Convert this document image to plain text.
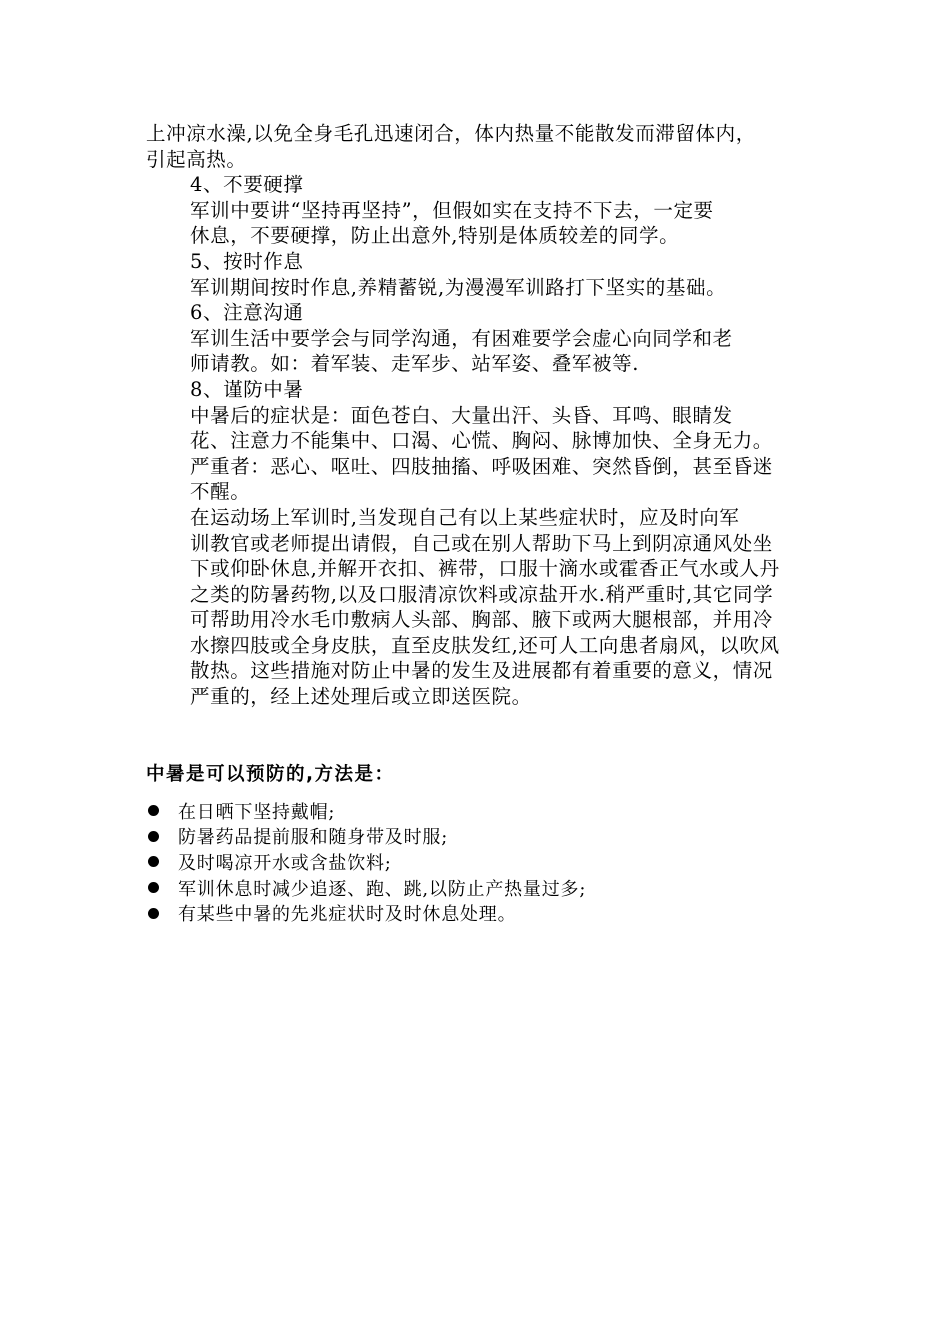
上冲凉水澡,以免全身毛孔迅速闭合，体内热量不能散发而滞留体内，
引起高热。
4、不要硬撑
军训中要讲“坚持再坚持”，但假如实在支持不下去，一定要
休息，不要硬撑，防止出意外,特别是体质较差的同学。
5、按时作息
军训期间按时作息,养精蓄锐,为漫漫军训路打下坚实的基础。
6、注意沟通
军训生活中要学会与同学沟通，有困难要学会虚心向同学和老
师请教。如：着军装、走军步、站军姿、叠军被等.
8、谨防中暑
中暑后的症状是：面色苍白、大量出汗、头昏、耳鸣、眼睛发
花、注意力不能集中、口渴、心慌、胸闷、脉博加快、全身无力。
严重者：恶心、呕吐、四肢抽搐、呼吸困难、突然昏倒，甚至昏迷
不醒。
在运动场上军训时,当发现自己有以上某些症状时，应及时向军
训教官或老师提出请假，自己或在别人帮助下马上到阴凉通风处坐
下或仰卧休息,并解开衣扣、裤带，口服十滴水或霍香正气水或人丹
之类的防暑药物,以及口服清凉饮料或凉盐开水.稍严重时,其它同学
可帮助用冷水毛巾敷病人头部、胸部、腋下或两大腿根部，并用冷
水擦四肢或全身皮肤，直至皮肤发红,还可人工向患者扇风，以吹风
散热。这些措施对防止中暑的发生及进展都有着重要的意义，情况
严重的，经上述处理后或立即送医院。
中暑是可以预防的,方法是：
在日晒下坚持戴帽;
防暑药品提前服和随身带及时服;
及时喝凉开水或含盐饮料;
军训休息时减少追逐、跑、跳,以防止产热量过多;
有某些中暑的先兆症状时及时休息处理。
